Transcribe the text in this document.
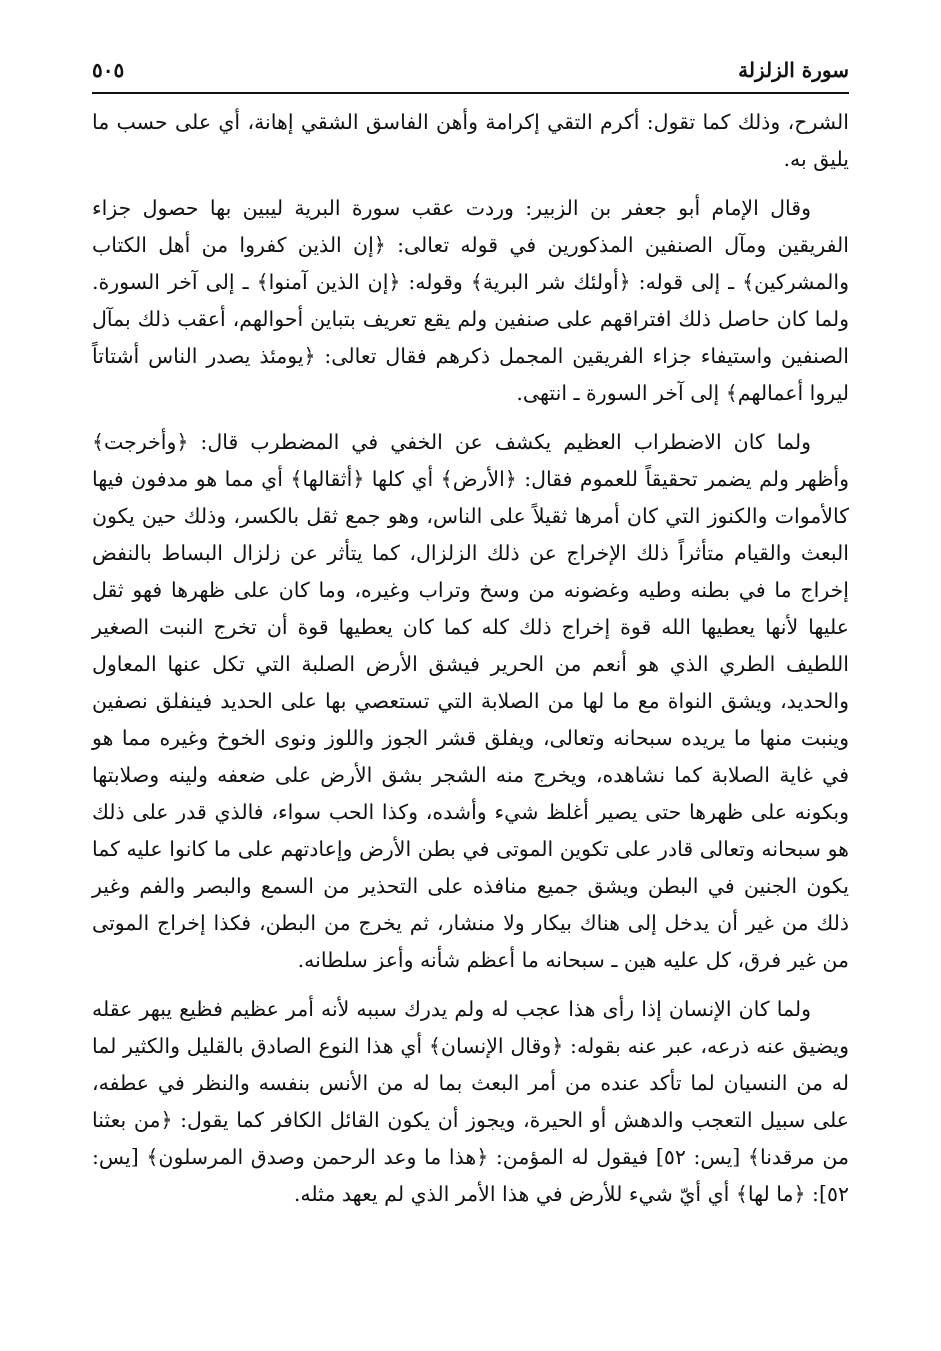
سورة الزلزلة
٥٠٥

الشرح، وذلك كما تقول: أكرم التقي إكرامة وأهن الفاسق الشقي إهانة، أي على حسب ما يليق به.

وقال الإمام أبو جعفر بن الزبير: وردت عقب سورة البرية ليبين بها حصول جزاء الفريقين ومآل الصنفين المذكورين في قوله تعالى: ﴿إن الذين كفروا من أهل الكتاب والمشركين﴾ ـ إلى قوله: ﴿أولئك شر البرية﴾ وقوله: ﴿إن الذين آمنوا﴾ ـ إلى آخر السورة. ولما كان حاصل ذلك افتراقهم على صنفين ولم يقع تعريف بتباين أحوالهم، أعقب ذلك بمآل الصنفين واستيفاء جزاء الفريقين المجمل ذكرهم فقال تعالى: ﴿يومئذ يصدر الناس أشتاتاً ليروا أعمالهم﴾ إلى آخر السورة ـ انتهى.

ولما كان الاضطراب العظيم يكشف عن الخفي في المضطرب قال: ﴿وأخرجت﴾ وأظهر ولم يضمر تحقيقاً للعموم فقال: ﴿الأرض﴾ أي كلها ﴿أثقالها﴾ أي مما هو مدفون فيها كالأموات والكنوز التي كان أمرها ثقيلاً على الناس، وهو جمع ثقل بالكسر، وذلك حين يكون البعث والقيام متأثراً ذلك الإخراج عن ذلك الزلزال، كما يتأثر عن زلزال البساط بالنفض إخراج ما في بطنه وطيه وغضونه من وسخ وتراب وغيره، وما كان على ظهرها فهو ثقل عليها لأنها يعطيها الله قوة إخراج ذلك كله كما كان يعطيها قوة أن تخرج النبت الصغير اللطيف الطري الذي هو أنعم من الحرير فيشق الأرض الصلبة التي تكل عنها المعاول والحديد، ويشق النواة مع ما لها من الصلابة التي تستعصي بها على الحديد فينفلق نصفين وينبت منها ما يريده سبحانه وتعالى، ويفلق قشر الجوز واللوز ونوى الخوخ وغيره مما هو في غاية الصلابة كما نشاهده، ويخرج منه الشجر بشق الأرض على ضعفه ولينه وصلابتها وبكونه على ظهرها حتى يصير أغلظ شيء وأشده، وكذا الحب سواء، فالذي قدر على ذلك هو سبحانه وتعالى قادر على تكوين الموتى في بطن الأرض وإعادتهم على ما كانوا عليه كما يكون الجنين في البطن ويشق جميع منافذه على التحذير من السمع والبصر والفم وغير ذلك من غير أن يدخل إلى هناك بيكار ولا منشار، ثم يخرج من البطن، فكذا إخراج الموتى من غير فرق، كل عليه هين ـ سبحانه ما أعظم شأنه وأعز سلطانه.

ولما كان الإنسان إذا رأى هذا عجب له ولم يدرك سببه لأنه أمر عظيم فظيع يبهر عقله ويضيق عنه ذرعه، عبر عنه بقوله: ﴿وقال الإنسان﴾ أي هذا النوع الصادق بالقليل والكثير لما له من النسيان لما تأكد عنده من أمر البعث بما له من الأنس بنفسه والنظر في عطفه، على سبيل التعجب والدهش أو الحيرة، ويجوز أن يكون القائل الكافر كما يقول: ﴿من بعثنا من مرقدنا﴾ [يس: ٥٢] فيقول له المؤمن: ﴿هذا ما وعد الرحمن وصدق المرسلون﴾ [يس: ٥٢]: ﴿ما لها﴾ أي أيّ شيء للأرض في هذا الأمر الذي لم يعهد مثله.
